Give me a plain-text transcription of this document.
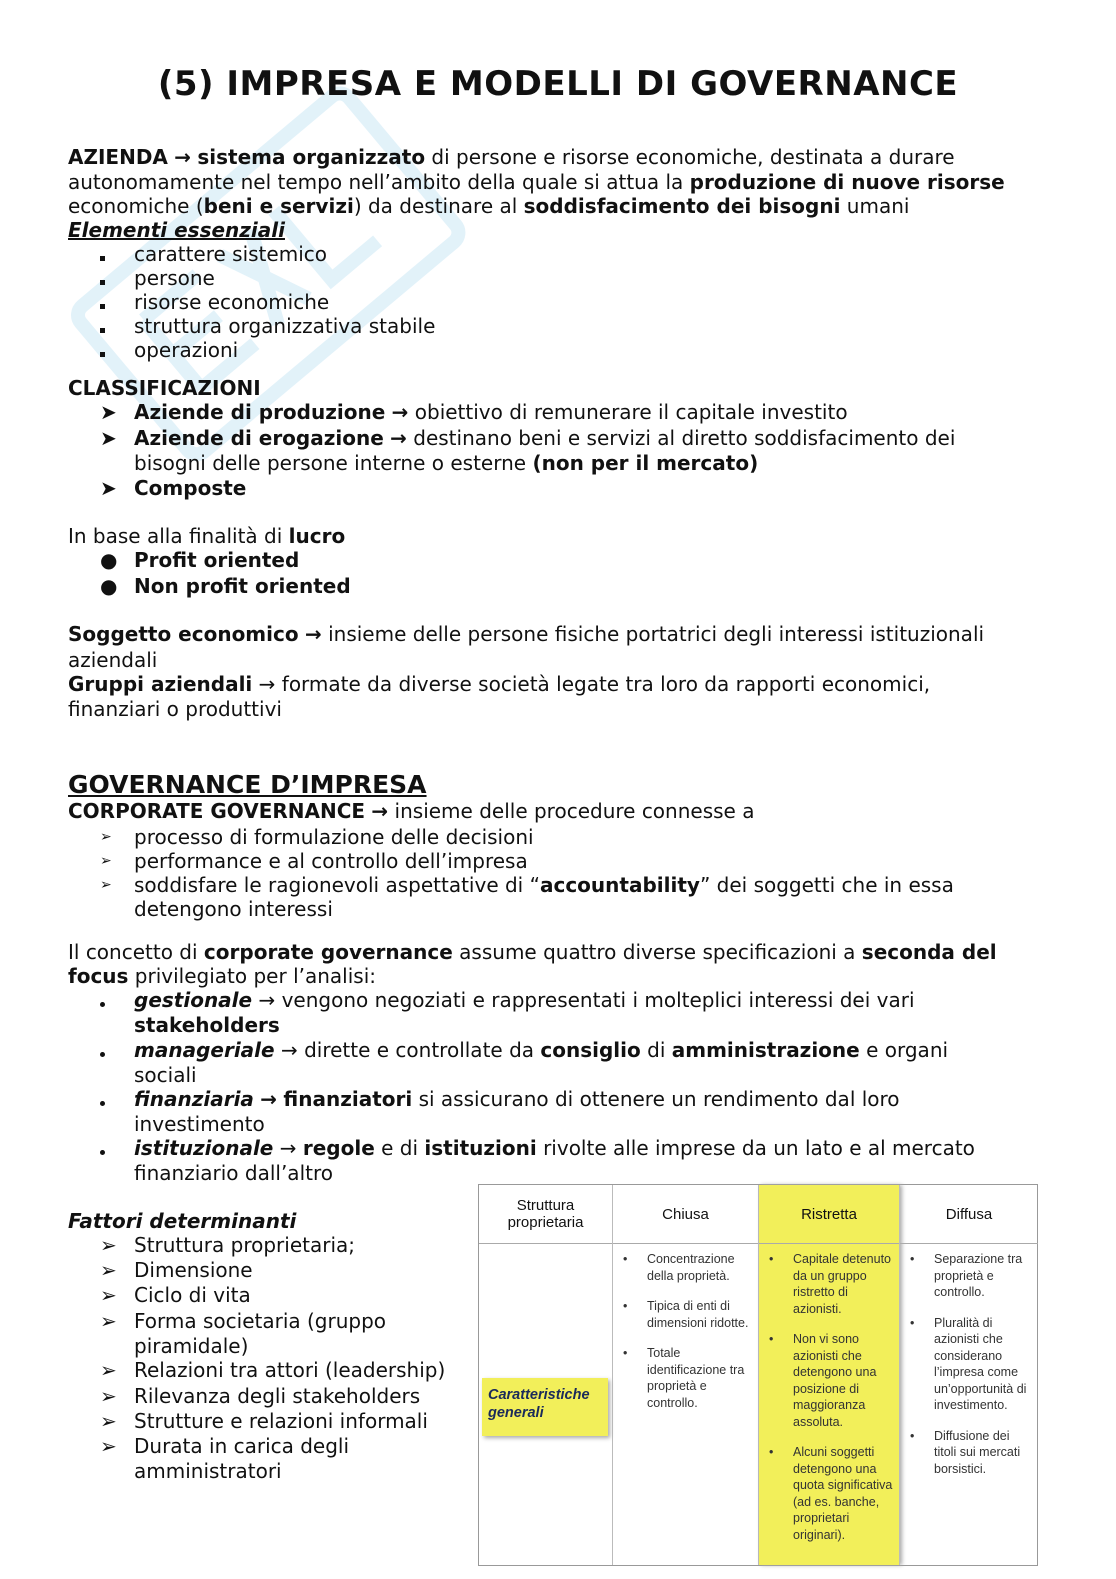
(5) IMPRESA E MODELLI DI GOVERNANCE
AZIENDA → sistema organizzato di persone e risorse economiche, destinata a durare
autonomamente nel tempo nell’ambito della quale si attua la produzione di nuove risorse
economiche (beni e servizi) da destinare al soddisfacimento dei bisogni umani
Elementi essenziali
carattere sistemico
persone
risorse economiche
struttura organizzativa stabile
operazioni
CLASSIFICAZIONI
➤ Aziende di produzione → obiettivo di remunerare il capitale investito
➤ Aziende di erogazione → destinano beni e servizi al diretto soddisfacimento dei
bisogni delle persone interne o esterne (non per il mercato)
➤ Composte
In base alla finalità di lucro
● Profit oriented
● Non profit oriented
Soggetto economico → insieme delle persone fisiche portatrici degli interessi istituzionali
aziendali
Gruppi aziendali → formate da diverse società legate tra loro da rapporti economici,
finanziari o produttivi
GOVERNANCE D’IMPRESA
CORPORATE GOVERNANCE → insieme delle procedure connesse a
➢ processo di formulazione delle decisioni
➢ performance e al controllo dell’impresa
➢ soddisfare le ragionevoli aspettative di “accountability” dei soggetti che in essa
detengono interessi
Il concetto di corporate governance assume quattro diverse specificazioni a seconda del
focus privilegiato per l’analisi:
gestionale → vengono negoziati e rappresentati i molteplici interessi dei vari
stakeholders
manageriale → dirette e controllate da consiglio di amministrazione e organi
sociali
finanziaria → finanziatori si assicurano di ottenere un rendimento dal loro
investimento
istituzionale → regole e di istituzioni rivolte alle imprese da un lato e al mercato
finanziario dall’altro
Fattori determinanti
➢ Struttura proprietaria;
➢ Dimensione
➢ Ciclo di vita
➢ Forma societaria (gruppo
piramidale)
➢ Relazioni tra attori (leadership)
➢ Rilevanza degli stakeholders
➢ Strutture e relazioni informali
➢ Durata in carica degli
amministratori
Struttura proprietaria	Chiusa
• Concentrazione della proprietà.
• Tipica di enti di dimensioni ridotte.
• Totale identificazione tra proprietà e controllo.
Ristretta
• Capitale detenuto da un gruppo ristretto di azionisti.
• Non vi sono azionisti che detengono una posizione di maggioranza assoluta.
• Alcuni soggetti detengono una quota significativa (ad es. banche, proprietari originari).
Diffusa
• Separazione tra proprietà e controllo.
• Pluralità di azionisti che considerano l’impresa come un’opportunità di investimento.
• Diffusione dei titoli sui mercati borsistici.
Caratteristiche generali
